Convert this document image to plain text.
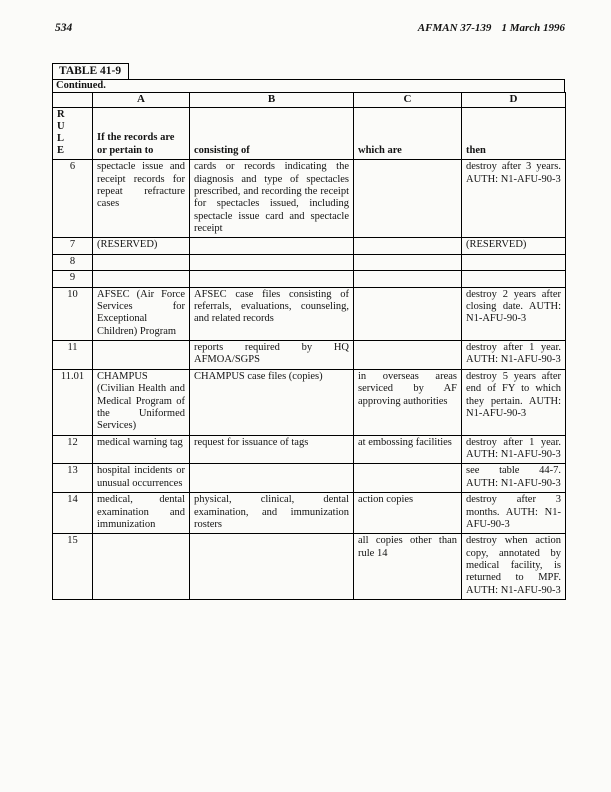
534	AFMAN 37-139 1 March 1996
TABLE 41-9
Continued.
	A	B	C	D

R
U
L
E	If the records are or pertain to	consisting of	which are	then
6	spectacle issue and receipt records for repeat refracture cases	cards or records indicating the diagnosis and type of spectacles prescribed, and recording the receipt for spectacles issued, including spectacle issue card and spectacle receipt		destroy after 3 years. AUTH: N1-AFU-90-3
7	(RESERVED)			(RESERVED)
8				
9				
10	AFSEC (Air Force Services for Exceptional Children) Program	AFSEC case files consisting of referrals, evaluations, counseling, and related records		destroy 2 years after closing date. AUTH: N1-AFU-90-3
11		reports required by HQ AFMOA/SGPS		destroy after 1 year. AUTH: N1-AFU-90-3
11.01	CHAMPUS (Civilian Health and Medical Program of the Uniformed Services)	CHAMPUS case files (copies)	in overseas areas serviced by AF approving authorities	destroy 5 years after end of FY to which they pertain. AUTH: N1-AFU-90-3
12	medical warning tag	request for issuance of tags	at embossing facilities	destroy after 1 year. AUTH: N1-AFU-90-3
13	hospital incidents or unusual occurrences			see table 44-7. AUTH: N1-AFU-90-3
14	medical, dental examination and immunization	physical, clinical, dental examination, and immunization rosters	action copies	destroy after 3 months. AUTH: N1-AFU-90-3
15			all copies other than rule 14	destroy when action copy, annotated by medical facility, is returned to MPF. AUTH: N1-AFU-90-3
